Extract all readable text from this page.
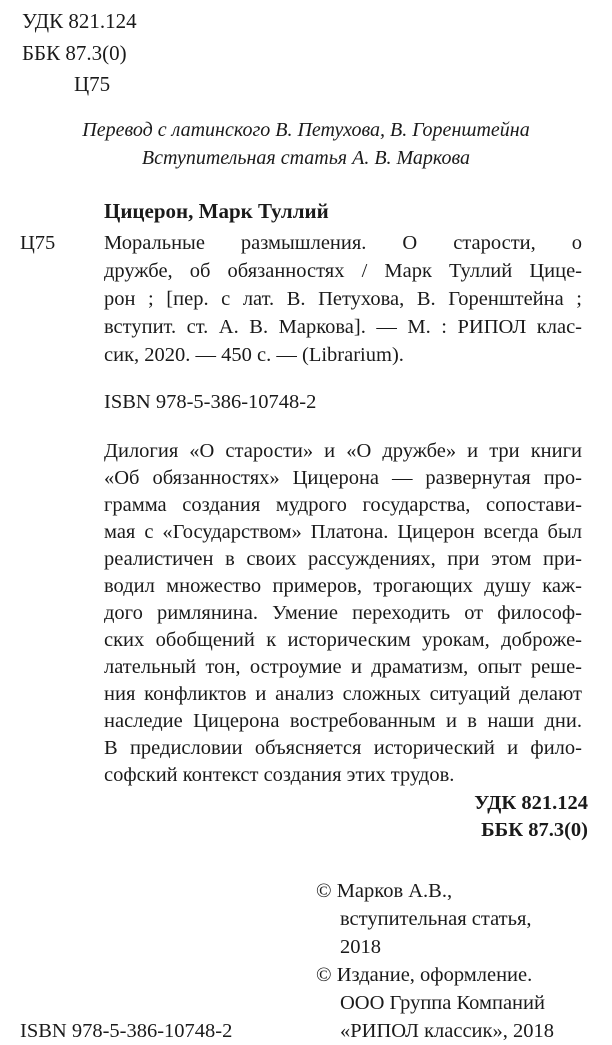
УДК 821.124
ББК 87.3(0)
Ц75
Перевод с латинского В. Петухова, В. Горенштейна
Вступительная статья А. В. Маркова
Цицерон, Марк Туллий
Ц75 Моральные размышления. О старости, о
дружбе, об обязанностях / Марк Туллий Цице-
рон ; [пер. с лат. В. Петухова, В. Горенштейна ;
вступит. ст. А. В. Маркова]. — М. : РИПОЛ клас-
сик, 2020. — 450 с. — (Librarium).
ISBN 978-5-386-10748-2
Дилогия «О старости» и «О дружбе» и три книги
«Об обязанностях» Цицерона — развернутая про-
грамма создания мудрого государства, сопостави-
мая с «Государством» Платона. Цицерон всегда был
реалистичен в своих рассуждениях, при этом при-
водил множество примеров, трогающих душу каж-
дого римлянина. Умение переходить от философ-
ских обобщений к историческим урокам, доброже-
лательный тон, остроумие и драматизм, опыт реше-
ния конфликтов и анализ сложных ситуаций делают
наследие Цицерона востребованным и в наши дни.
В предисловии объясняется исторический и фило-
софский контекст создания этих трудов.
УДК 821.124
ББК 87.3(0)
© Марков А.В.,
вступительная статья,
2018
© Издание, оформление.
ООО Группа Компаний
«РИПОЛ классик», 2018
ISBN 978-5-386-10748-2
